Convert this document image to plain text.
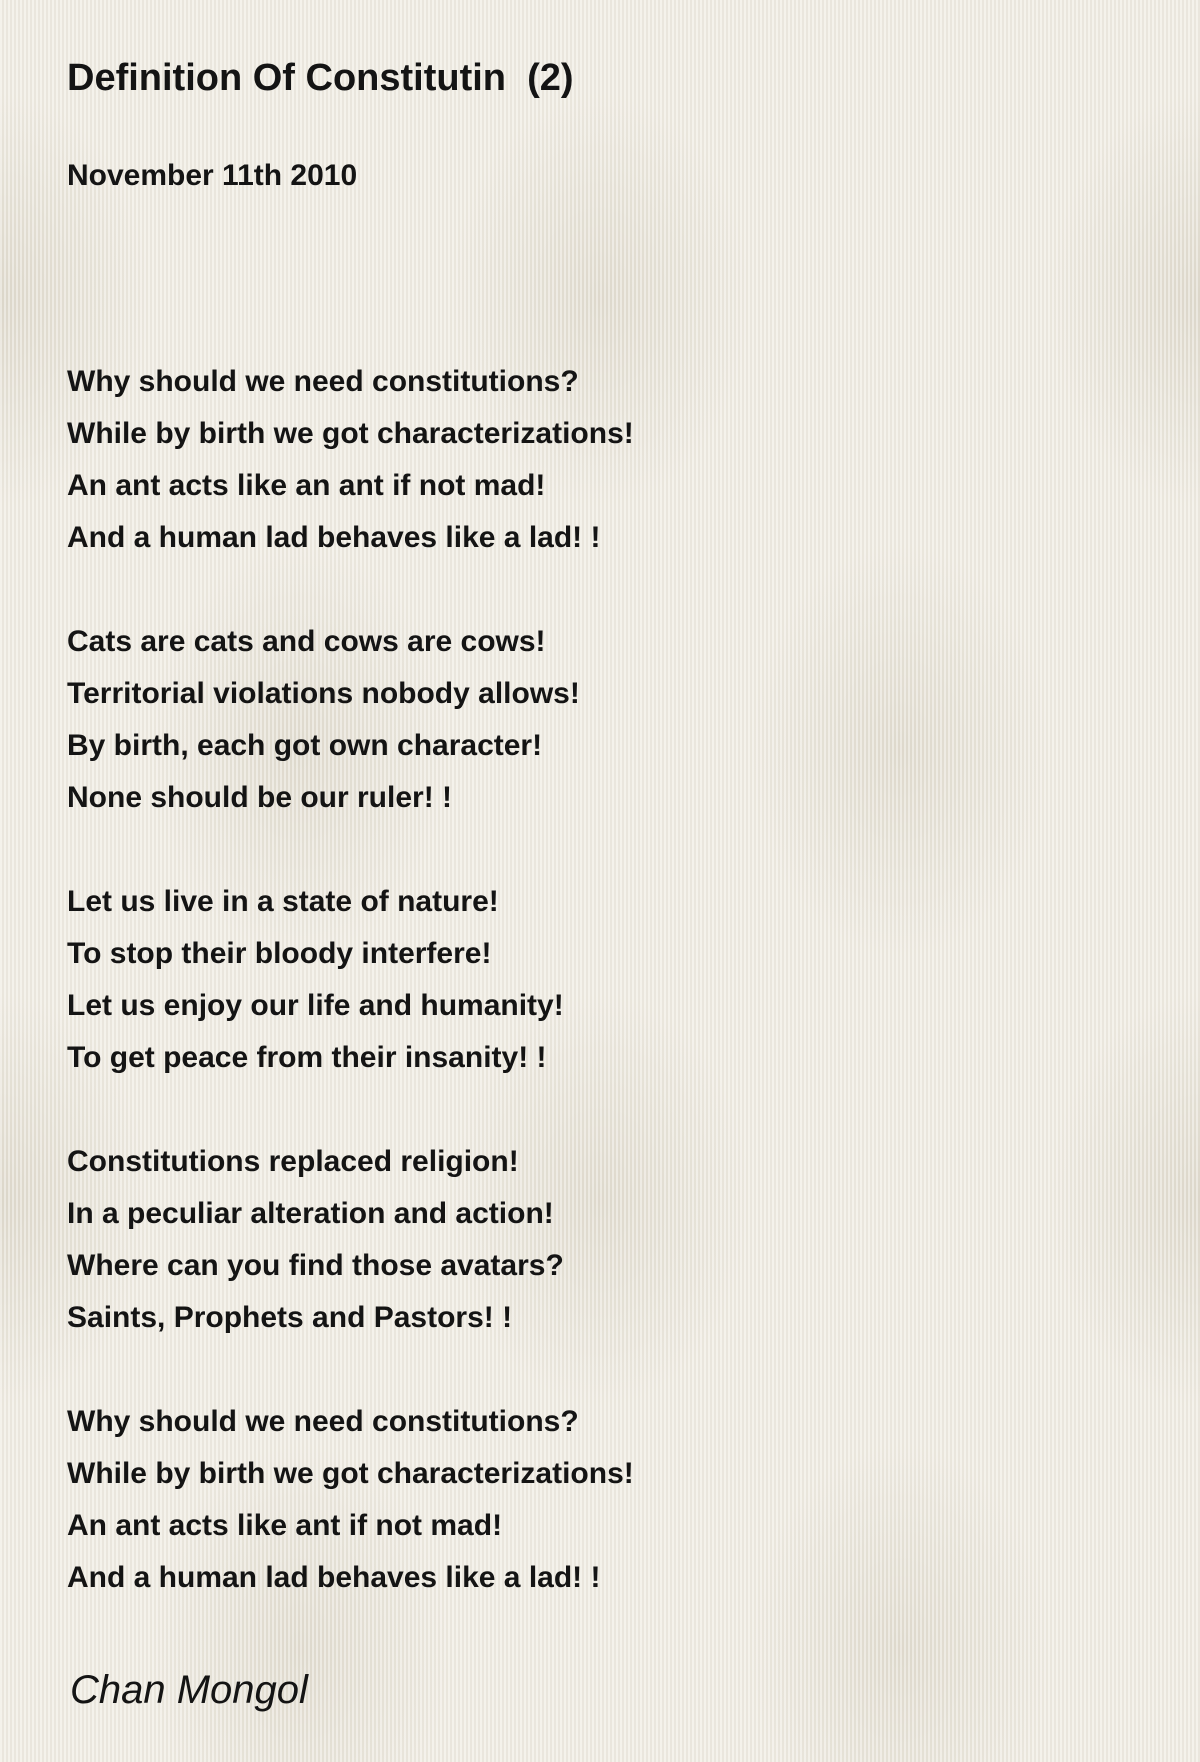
Definition Of Constitutin  (2)
November 11th 2010
Why should we need constitutions?
While by birth we got characterizations!
An ant acts like an ant if not mad!
And a human lad behaves like a lad! !
Cats are cats and cows are cows!
Territorial violations nobody allows!
By birth, each got own character!
None should be our ruler! !
Let us live in a state of nature!
To stop their bloody interfere!
Let us enjoy our life and humanity!
To get peace from their insanity! !
Constitutions replaced religion!
In a peculiar alteration and action!
Where can you find those avatars?
Saints, Prophets and Pastors! !
Why should we need constitutions?
While by birth we got characterizations!
An ant acts like ant if not mad!
And a human lad behaves like a lad! !
Chan Mongol
